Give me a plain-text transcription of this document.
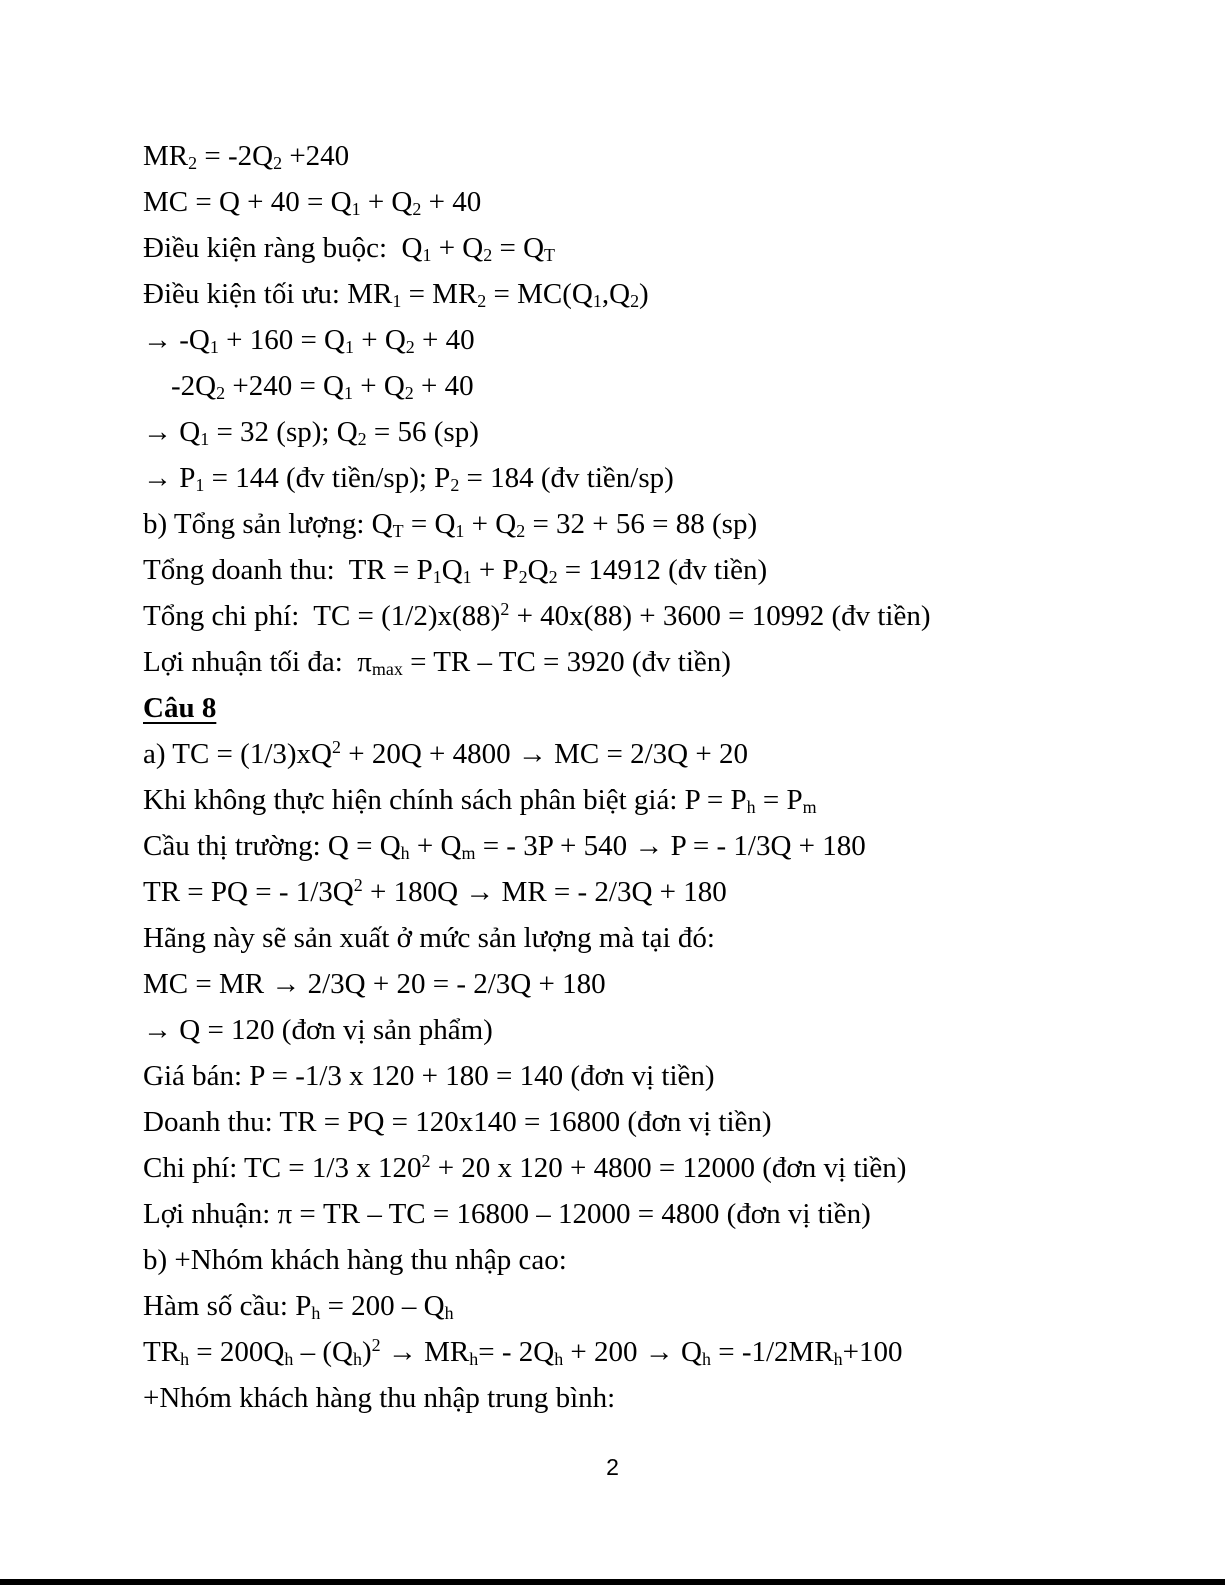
$MR_2 = -2Q_2 +240$

MC = $Q + 40 = Q_1 + Q_2 + 40$

Điều kiện ràng buộc:  $Q_1 + Q_2 = Q_T$

Điều kiện tối ưu: $MR_1 = MR_2 = MC(Q_1,Q_2)$

→ $-Q_1 + 160 = Q_1 + Q_2 + 40$

$-2Q_2 +240 = Q_1 + Q_2 + 40$

→ $Q_1 = 32$ (sp); $Q_2 = 56$ (sp)

→ $P_1 = 144$ (đv tiền/sp); $P_2 = 184$ (đv tiền/sp)

b) Tổng sản lượng: $Q_T = Q_1 + Q_2 = 32 + 56 = 88$ (sp)

Tổng doanh thu:  TR = $P_1Q_1 + P_2Q_2 = 14912$ (đv tiền)

Tổng chi phí:  TC = $(1/2)x(88)^2 + 40x(88) + 3600 = 10992$ (đv tiền)

Lợi nhuận tối đa:  $\pi_{max}$ = TR – TC = 3920 (đv tiền)

Câu 8

a) TC = $(1/3)xQ^2 + 20Q + 4800$ → MC = 2/3Q + 20

Khi không thực hiện chính sách phân biệt giá: $P = P_h = P_m$

Cầu thị trường: $Q = Q_h + Q_m$ = - 3P + 540 → P = - 1/3Q + 180

TR = PQ = - $1/3Q^2 + 180Q$ → MR = - 2/3Q + 180

Hãng này sẽ sản xuất ở mức sản lượng mà tại đó:

MC = MR → 2/3Q + 20 = - 2/3Q + 180

→ Q = 120 (đơn vị sản phẩm)

Giá bán: P = -1/3 x 120 + 180 = 140 (đơn vị tiền)

Doanh thu: TR = PQ = 120x140 = 16800 (đơn vị tiền)

Chi phí: TC = 1/3 x $120^2 + 20$ x 120 + 4800 = 12000 (đơn vị tiền)

Lợi nhuận: π = TR – TC = 16800 – 12000 = 4800 (đơn vị tiền)

b) +Nhóm khách hàng thu nhập cao:

Hàm số cầu: $P_h = 200 - Q_h$

$TR_h = 200Q_h - (Q_h)^2 \to MR_h= - 2Q_h + 200 \to Q_h = -1/2MR_h+100$

+Nhóm khách hàng thu nhập trung bình:

2
